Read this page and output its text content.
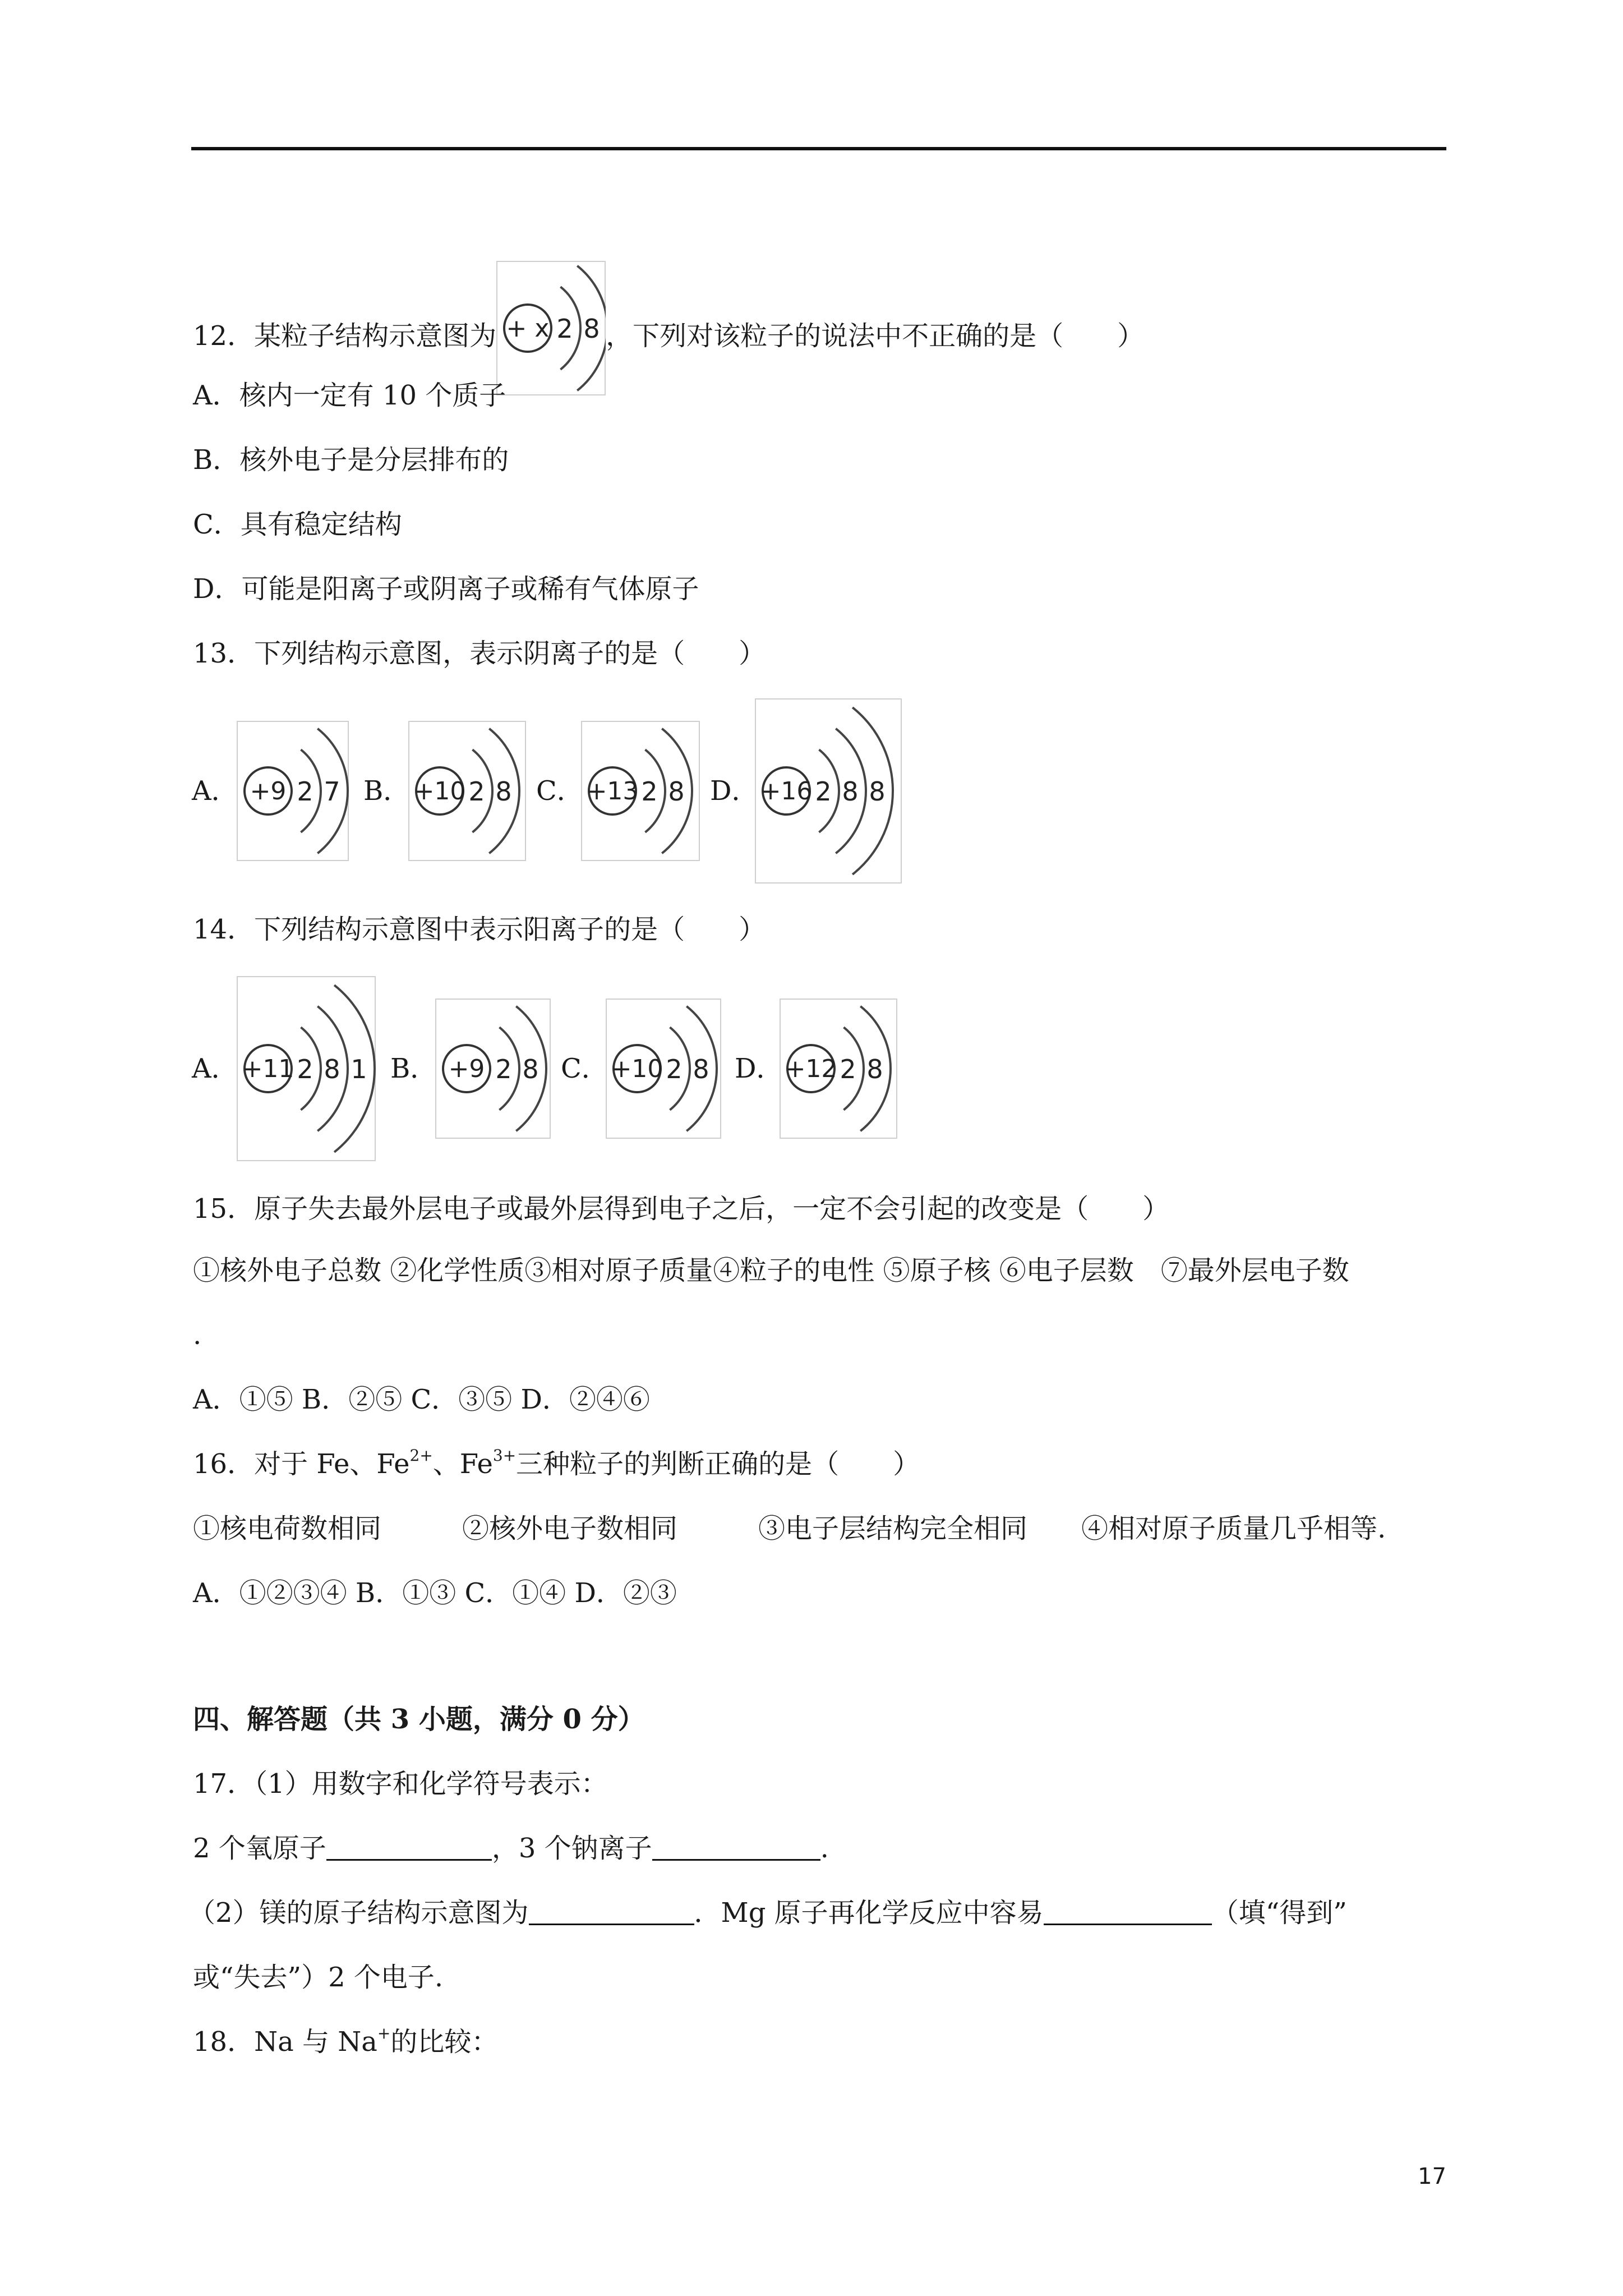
12．某粒子结构示意图为 + x 2 8 ，下列对该粒子的说法中不正确的是（　　）
A．核内一定有 10 个质子
B．核外电子是分层排布的
C．具有稳定结构
D．可能是阳离子或阴离子或稀有气体原子
13．下列结构示意图，表示阴离子的是（　　）
14．下列结构示意图中表示阳离子的是（　　）
15．原子失去最外层电子或最外层得到电子之后，一定不会引起的改变是（　　）
①核外电子总数 ②化学性质③相对原子质量④粒子的电性 ⑤原子核 ⑥电子层数　⑦最外层电子数
.
A．①⑤ B．②⑤ C．③⑤ D．②④⑥
16．对于 Fe、$Fe^{2+}$、$Fe^{3+}$三种粒子的判断正确的是（　　）
①核电荷数相同　　　②核外电子数相同　　　③电子层结构完全相同　　④相对原子质量几乎相等.
A．①②③④ B．①③ C．①④ D．②③
四、解答题（共 3 小题，满分 0 分）
17．（1）用数字和化学符号表示：
2 个氧原子	，3 个钠离子	.
（2）镁的原子结构示意图为	．Mg 原子再化学反应中容易	（填“得到”
或“失去”）2 个电子.
18．Na 与 Na+的比较：
17
A． +9 2 7 B． +10 2 8 C． +13 2 8 D． +16 2 8 8
A． +11 2 8 1 B． +9 2 8 C． +10 2 8 D． +12 2 8
